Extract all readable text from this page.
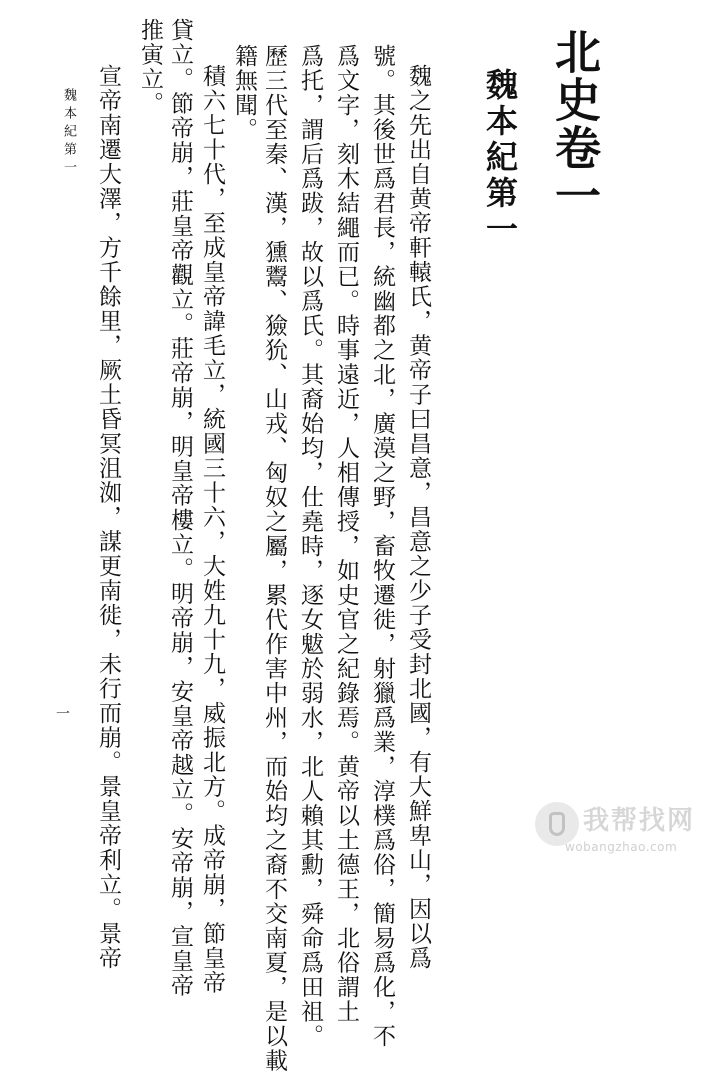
北史卷一
魏本紀第一
魏之先出自黄帝軒轅氏，黄帝子曰昌意，昌意之少子受封北國，有大鮮卑山，因以爲
號。其後世爲君長，統幽都之北，廣漠之野，畜牧遷徙，射獵爲業，淳樸爲俗，簡易爲化，不
爲文字，刻木結繩而已。時事遠近，人相傳授，如史官之紀錄焉。黄帝以土德王，北俗謂土
爲托，謂后爲跋，故以爲氏。其裔始均，仕堯時，逐女魃於弱水，北人賴其勳，舜命爲田祖。
歷三代至秦、漢，獯鬻、獫狁、山戎、匈奴之屬，累代作害中州，而始均之裔不交南夏，是以載
籍無聞。
積六七十代，至成皇帝諱毛立，統國三十六，大姓九十九，威振北方。成帝崩，節皇帝
貸立。節帝崩，莊皇帝觀立。莊帝崩，明皇帝樓立。明帝崩，安皇帝越立。安帝崩，宣皇帝
推寅立。
宣帝南遷大澤，方千餘里，厥土昏冥沮洳，謀更南徙，未行而崩。景皇帝利立。景帝
魏本紀第一
一
我帮找网
wobangzhao.com
